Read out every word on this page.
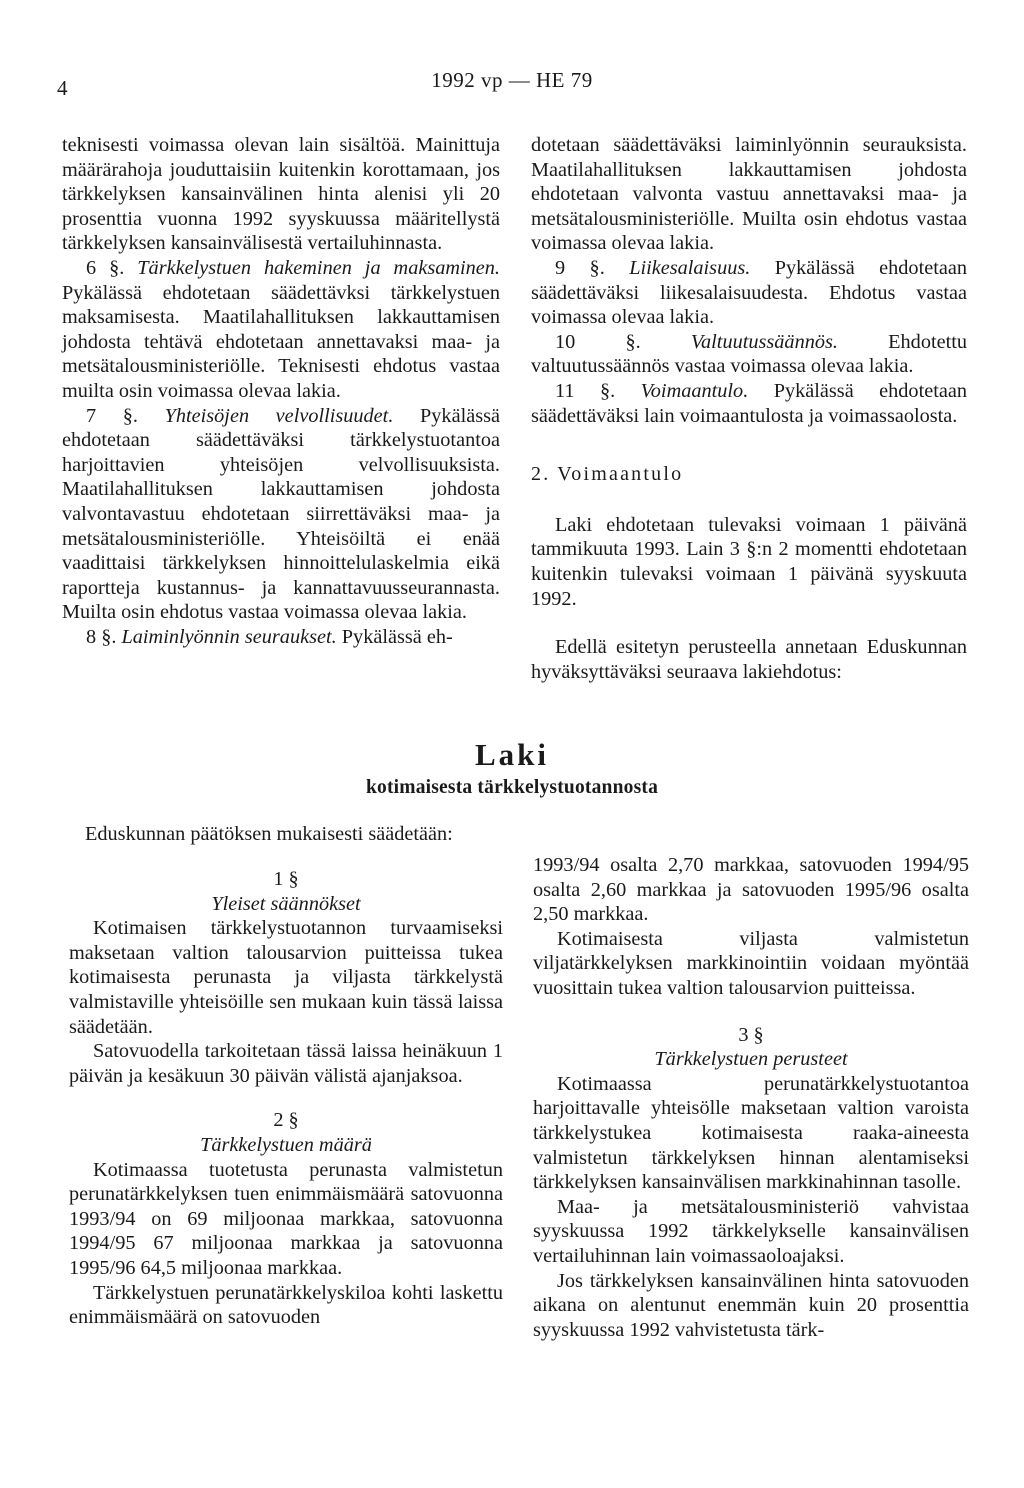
4	1992 vp — HE 79

teknisesti voimassa olevan lain sisältöä. Mainittuja määrärahoja jouduttaisiin kuitenkin korottamaan, jos tärkkelyksen kansainvälinen hinta alenisi yli 20 prosenttia vuonna 1992 syyskuussa määritellystä tärkkelyksen kansainvälisestä vertailuhinnasta.

6 §. Tärkkelystuen hakeminen ja maksaminen. Pykälässä ehdotetaan säädettävksi tärkkelystuen maksamisesta. Maatilahallituksen lakkauttamisen johdosta tehtävä ehdotetaan annettavaksi maa- ja metsätalousministeriölle. Teknisesti ehdotus vastaa muilta osin voimassa olevaa lakia.

7 §. Yhteisöjen velvollisuudet. Pykälässä ehdotetaan säädettäväksi tärkkelystuotantoa harjoittavien yhteisöjen velvollisuuksista. Maatilahallituksen lakkauttamisen johdosta valvontavastuu ehdotetaan siirrettäväksi maa- ja metsätalousministeriölle. Yhteisöiltä ei enää vaadittaisi tärkkelyksen hinnoittelulaskelmia eikä raportteja kustannus- ja kannattavuusseurannasta. Muilta osin ehdotus vastaa voimassa olevaa lakia.

8 §. Laiminlyönnin seuraukset. Pykälässä eh-

dotetaan säädettäväksi laiminlyönnin seurauksista. Maatilahallituksen lakkauttamisen johdosta ehdotetaan valvonta vastuu annettavaksi maa- ja metsätalousministeriölle. Muilta osin ehdotus vastaa voimassa olevaa lakia.

9 §. Liikesalaisuus. Pykälässä ehdotetaan säädettäväksi liikesalaisuudesta. Ehdotus vastaa voimassa olevaa lakia.

10 §. Valtuutussäännös. Ehdotettu valtuutussäännös vastaa voimassa olevaa lakia.

11 §. Voimaantulo. Pykälässä ehdotetaan säädettäväksi lain voimaantulosta ja voimassaolosta.

2. Voimaantulo

Laki ehdotetaan tulevaksi voimaan 1 päivänä tammikuuta 1993. Lain 3 §:n 2 momentti ehdotetaan kuitenkin tulevaksi voimaan 1 päivänä syyskuuta 1992.

Edellä esitetyn perusteella annetaan Eduskunnan hyväksyttäväksi seuraava lakiehdotus:

Laki
kotimaisesta tärkkelystuotannosta
Eduskunnan päätöksen mukaisesti säädetään:

1 §

Yleiset säännökset

Kotimaisen tärkkelystuotannon turvaamiseksi maksetaan valtion talousarvion puitteissa tukea kotimaisesta perunasta ja viljasta tärkkelystä valmistaville yhteisöille sen mukaan kuin tässä laissa säädetään.

Satovuodella tarkoitetaan tässä laissa heinäkuun 1 päivän ja kesäkuun 30 päivän välistä ajanjaksoa.

2 §

Tärkkelystuen määrä

Kotimaassa tuotetusta perunasta valmistetun perunatärkkelyksen tuen enimmäismäärä satovuonna 1993/94 on 69 miljoonaa markkaa, satovuonna 1994/95 67 miljoonaa markkaa ja satovuonna 1995/96 64,5 miljoonaa markkaa.

Tärkkelystuen perunatärkkelyskiloa kohti laskettu enimmäismäärä on satovuoden

1993/94 osalta 2,70 markkaa, satovuoden 1994/95 osalta 2,60 markkaa ja satovuoden 1995/96 osalta 2,50 markkaa.

Kotimaisesta viljasta valmistetun viljatärkkelyksen markkinointiin voidaan myöntää vuosittain tukea valtion talousarvion puitteissa.

3 §

Tärkkelystuen perusteet

Kotimaassa perunatärkkelystuotantoa harjoittavalle yhteisölle maksetaan valtion varoista tärkkelystukea kotimaisesta raaka-aineesta valmistetun tärkkelyksen hinnan alentamiseksi tärkkelyksen kansainvälisen markkinahinnan tasolle.

Maa- ja metsätalousministeriö vahvistaa syyskuussa 1992 tärkkelykselle kansainvälisen vertailuhinnan lain voimassaoloajaksi.

Jos tärkkelyksen kansainvälinen hinta satovuoden aikana on alentunut enemmän kuin 20 prosenttia syyskuussa 1992 vahvistetusta tärk-
